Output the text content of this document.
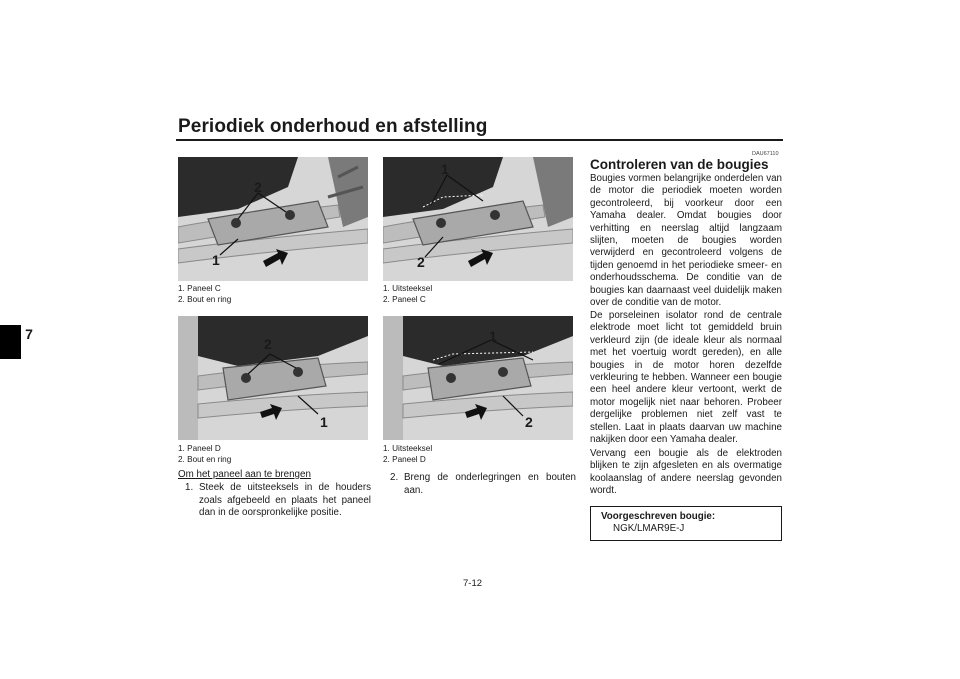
Periodiek onderhoud en afstelling
7
2
1
1. Paneel C
2. Bout en ring
1
2
1. Uitsteeksel
2. Paneel C
2
1
1. Paneel D
2. Bout en ring
1
2
1. Uitsteeksel
2. Paneel D
Om het paneel aan te brengen
1. Steek de uitsteeksels in de houders zoals afgebeeld en plaats het paneel dan in de oorspronkelijke positie.
2. Breng de onderlegringen en bouten aan.
DAU67110
Controleren van de bougies
Bougies vormen belangrijke onderdelen van de motor die periodiek moeten worden gecontroleerd, bij voorkeur door een Yamaha dealer. Omdat bougies door verhitting en neerslag altijd langzaam slijten, moeten de bougies worden verwijderd en gecontroleerd volgens de tijden genoemd in het periodieke smeer- en onderhoudsschema. De conditie van de bougies kan daarnaast veel duidelijk maken over de conditie van de motor.
De porseleinen isolator rond de centrale elektrode moet licht tot gemiddeld bruin verkleurd zijn (de ideale kleur als normaal met het voertuig wordt gereden), en alle bougies in de motor horen dezelfde verkleuring te hebben. Wanneer een bougie een heel andere kleur vertoont, werkt de motor mogelijk niet naar behoren. Probeer dergelijke problemen niet zelf vast te stellen. Laat in plaats daarvan uw machine nakijken door een Yamaha dealer.
Vervang een bougie als de elektroden blijken te zijn afgesleten en als overmatige koolaanslag of andere neerslag gevonden wordt.
Voorgeschreven bougie:
NGK/LMAR9E-J
7-12
